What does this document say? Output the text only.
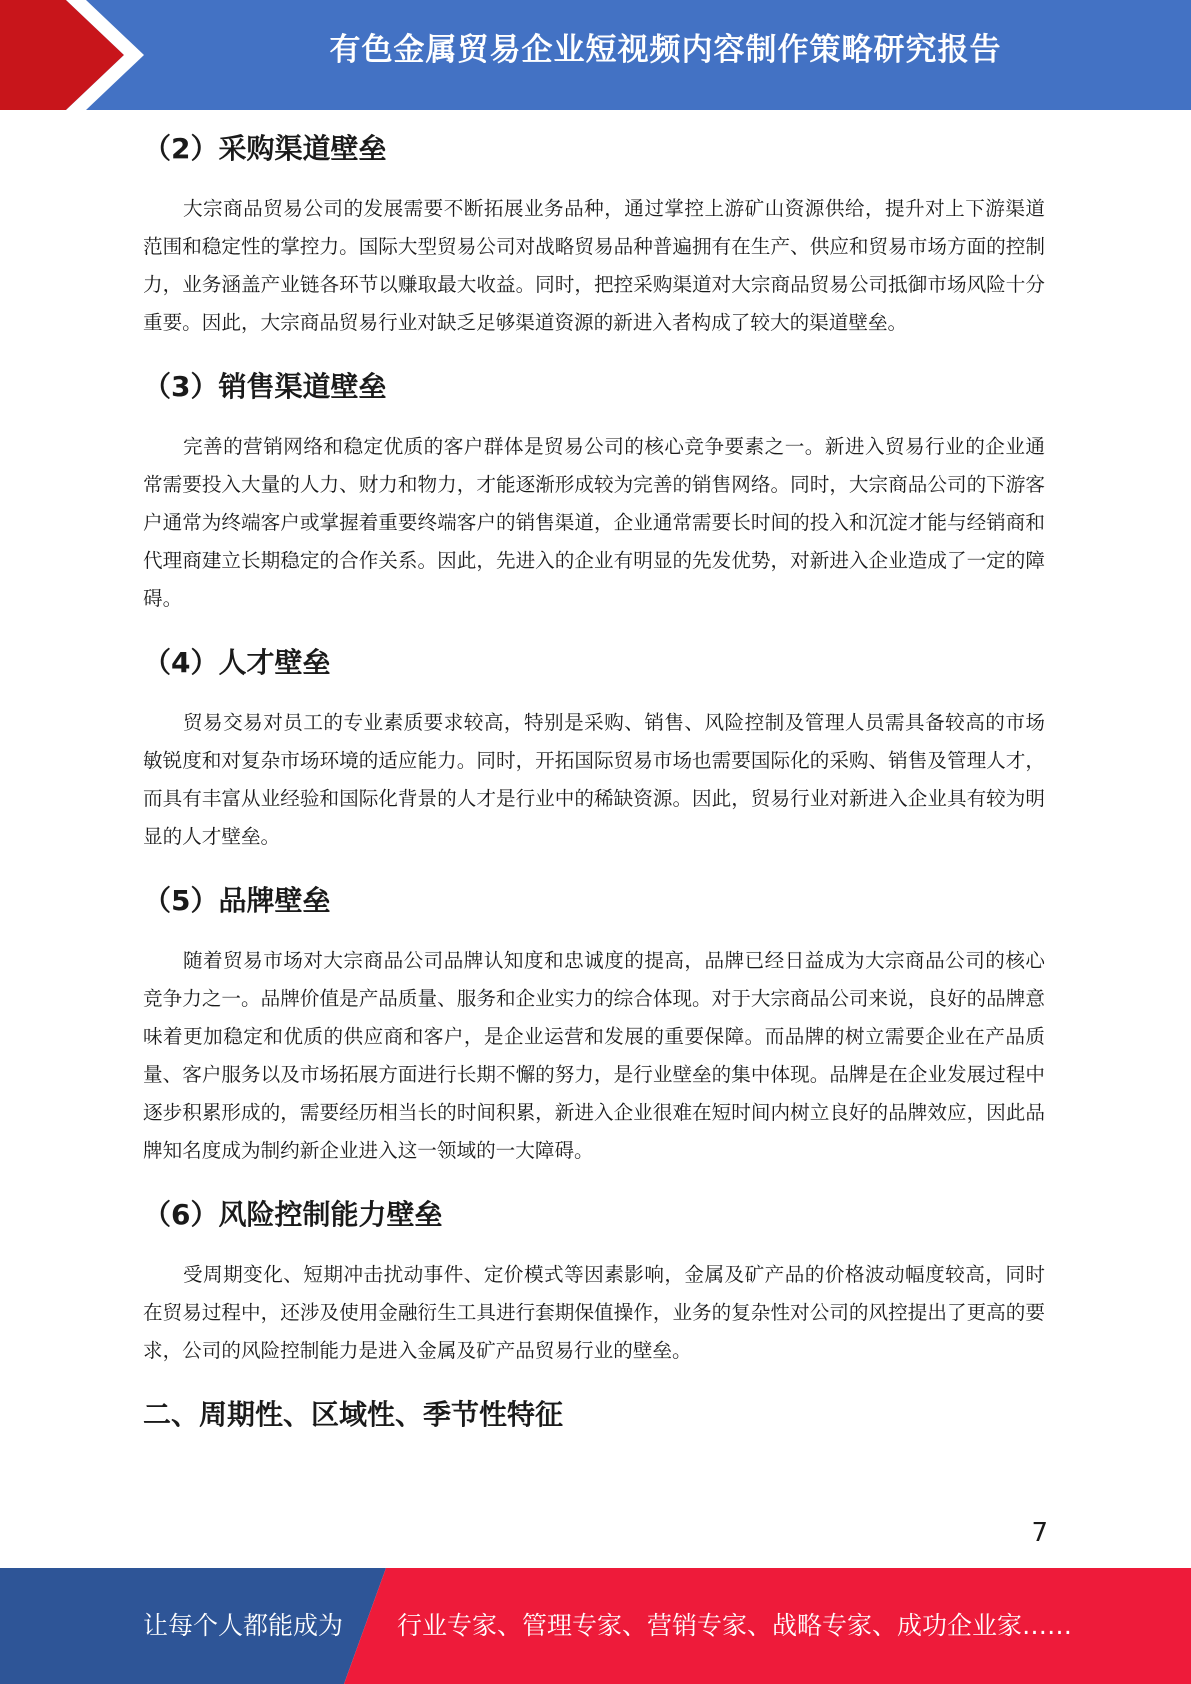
有色金属贸易企业短视频内容制作策略研究报告
（2）采购渠道壁垒

大宗商品贸易公司的发展需要不断拓展业务品种，通过掌控上游矿山资源供给，提升对上下游渠道范围和稳定性的掌控力。国际大型贸易公司对战略贸易品种普遍拥有在生产、供应和贸易市场方面的控制力，业务涵盖产业链各环节以赚取最大收益。同时，把控采购渠道对大宗商品贸易公司抵御市场风险十分重要。因此，大宗商品贸易行业对缺乏足够渠道资源的新进入者构成了较大的渠道壁垒。

（3）销售渠道壁垒

完善的营销网络和稳定优质的客户群体是贸易公司的核心竞争要素之一。新进入贸易行业的企业通常需要投入大量的人力、财力和物力，才能逐渐形成较为完善的销售网络。同时，大宗商品公司的下游客户通常为终端客户或掌握着重要终端客户的销售渠道，企业通常需要长时间的投入和沉淀才能与经销商和代理商建立长期稳定的合作关系。因此，先进入的企业有明显的先发优势，对新进入企业造成了一定的障碍。

（4）人才壁垒

贸易交易对员工的专业素质要求较高，特别是采购、销售、风险控制及管理人员需具备较高的市场敏锐度和对复杂市场环境的适应能力。同时，开拓国际贸易市场也需要国际化的采购、销售及管理人才，而具有丰富从业经验和国际化背景的人才是行业中的稀缺资源。因此，贸易行业对新进入企业具有较为明显的人才壁垒。

（5）品牌壁垒

随着贸易市场对大宗商品公司品牌认知度和忠诚度的提高，品牌已经日益成为大宗商品公司的核心竞争力之一。品牌价值是产品质量、服务和企业实力的综合体现。对于大宗商品公司来说，良好的品牌意味着更加稳定和优质的供应商和客户，是企业运营和发展的重要保障。而品牌的树立需要企业在产品质量、客户服务以及市场拓展方面进行长期不懈的努力，是行业壁垒的集中体现。品牌是在企业发展过程中逐步积累形成的，需要经历相当长的时间积累，新进入企业很难在短时间内树立良好的品牌效应，因此品牌知名度成为制约新企业进入这一领域的一大障碍。

（6）风险控制能力壁垒

受周期变化、短期冲击扰动事件、定价模式等因素影响，金属及矿产品的价格波动幅度较高，同时在贸易过程中，还涉及使用金融衍生工具进行套期保值操作，业务的复杂性对公司的风控提出了更高的要求，公司的风险控制能力是进入金属及矿产品贸易行业的壁垒。

二、周期性、区域性、季节性特征
7
让每个人都能成为 行业专家、管理专家、营销专家、战略专家、成功企业家……
